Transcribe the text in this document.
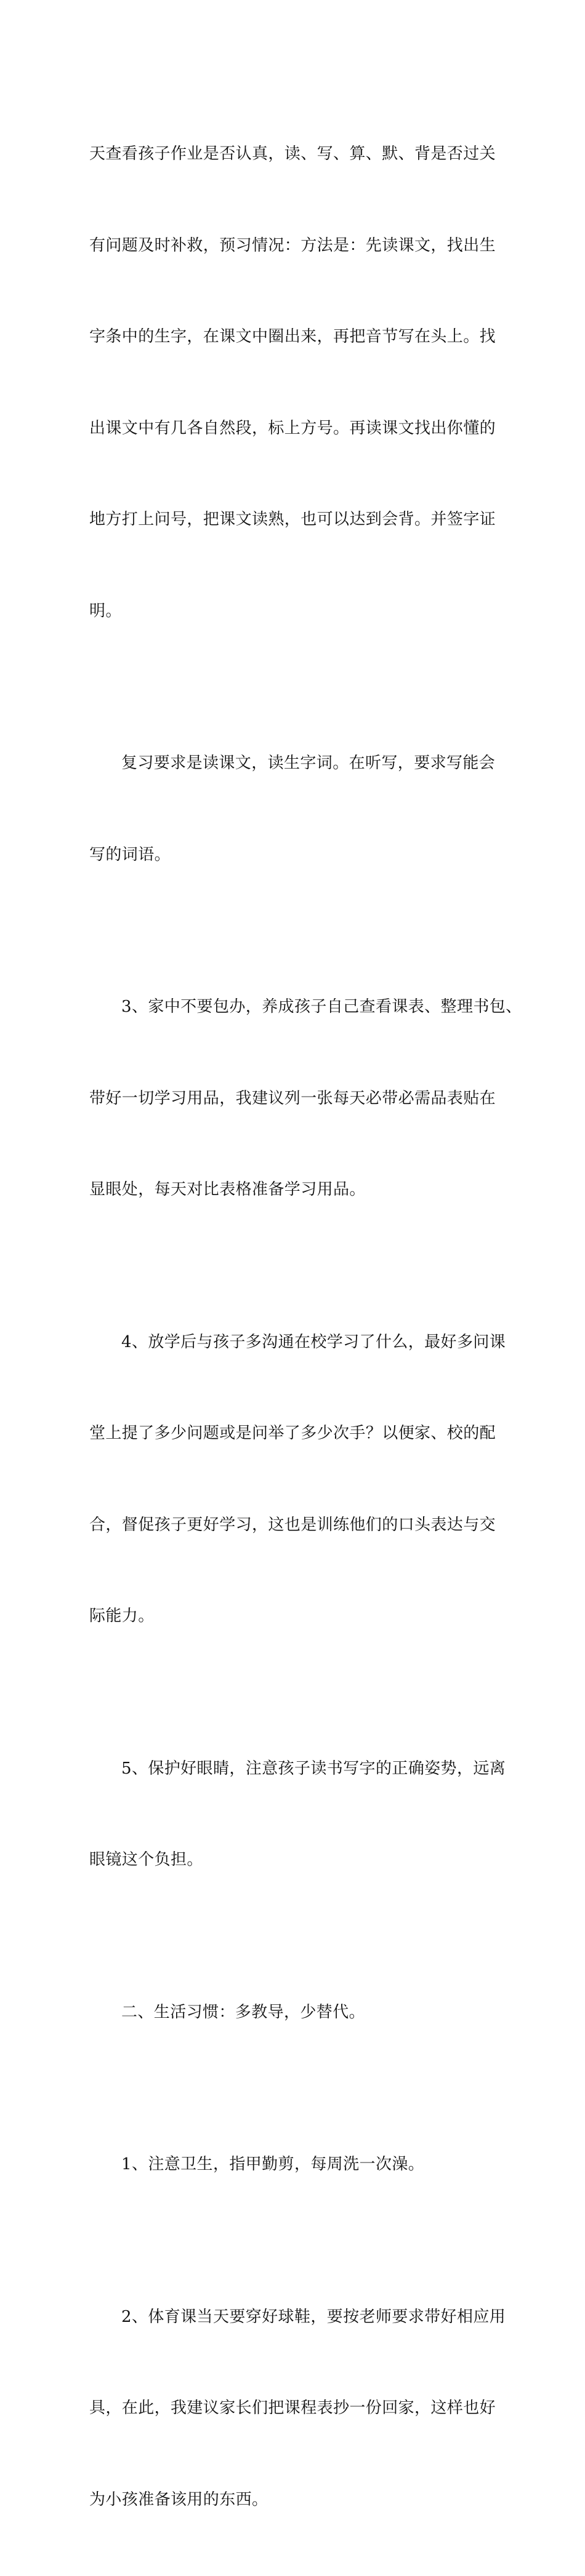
天查看孩子作业是否认真，读、写、算、默、背是否过关

有问题及时补救，预习情况：方法是：先读课文，找出生

字条中的生字，在课文中圈出来，再把音节写在头上。找

出课文中有几各自然段，标上方号。再读课文找出你懂的

地方打上问号，把课文读熟，也可以达到会背。并签字证

明。

复习要求是读课文，读生字词。在听写，要求写能会

写的词语。

3、家中不要包办，养成孩子自己查看课表、整理书包、

带好一切学习用品，我建议列一张每天必带必需品表贴在

显眼处，每天对比表格准备学习用品。

4、放学后与孩子多沟通在校学习了什么，最好多问课

堂上提了多少问题或是问举了多少次手？以便家、校的配

合，督促孩子更好学习，这也是训练他们的口头表达与交

际能力。

5、保护好眼睛，注意孩子读书写字的正确姿势，远离

眼镜这个负担。

二、生活习惯：多教导，少替代。

1、注意卫生，指甲勤剪，每周洗一次澡。

2、体育课当天要穿好球鞋，要按老师要求带好相应用

具，在此，我建议家长们把课程表抄一份回家，这样也好

为小孩准备该用的东西。
